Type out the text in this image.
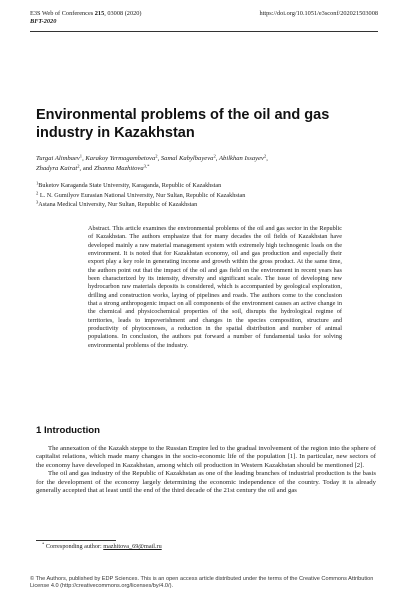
E3S Web of Conferences 215, 03008 (2020)	https://doi.org/10.1051/e3sconf/202021503008
BFT-2020
Environmental problems of the oil and gas industry in Kazakhstan
Turgai Alimbaev$^1$, Karakoy Yermagambetova$^2$, Samal Kabylbayeva$^2$, Abilkhan Issayev$^2$,
Zhadyra Kairat$^2$, and Zhanna Mazhitova$^{3,*}$
$^1$Buketov Karaganda State University, Karaganda, Republic of Kazakhstan
$^2$ L. N. Gumilyov Eurasian National University, Nur Sultan, Republic of Kazakhstan
$^3$Astana Medical University, Nur Sultan, Republic of Kazakhstan

Abstract. This article examines the environmental problems of the oil and gas sector in the Republic of Kazakhstan. The authors emphasize that for many decades the oil fields of Kazakhstan have developed mainly a raw material management system with extremely high technogenic loads on the environment. It is noted that for Kazakhstan economy, oil and gas production and especially their export play a key role in generating income and growth within the gross product. At the same time, the authors point out that the impact of the oil and gas field on the environment in recent years has been characterized by its intensity, diversity and significant scale. The issue of developing new hydrocarbon raw materials deposits is considered, which is accompanied by geological exploration, drilling and construction works, laying of pipelines and roads. The authors come to the conclusion that a strong anthropogenic impact on all components of the environment causes an active change in the chemical and physicochemical properties of the soil, disrupts the hydrological regime of territories, leads to impoverishment and changes in the species composition, structure and productivity of phytocenoses, a reduction in the spatial distribution and number of animal populations. In conclusion, the authors put forward a number of fundamental tasks for solving environmental problems of the industry.

1 Introduction

The annexation of the Kazakh steppe to the Russian Empire led to the gradual involvement of the region into the sphere of capitalist relations, which made many changes in the socio-economic life of the population [1]. In particular, new sectors of the economy have developed in Kazakhstan, among which oil production in Western Kazakhstan should be mentioned [2].

The oil and gas industry of the Republic of Kazakhstan as one of the leading branches of industrial production is the basis for the development of the economy largely determining the economic independence of the country. Today it is already generally accepted that at least until the end of the third decade of the 21st century the oil and gas

* Corresponding author: mazhitova_69@mail.ru
© The Authors, published by EDP Sciences. This is an open access article distributed under the terms of the Creative Commons Attribution License 4.0 (http://creativecommons.org/licenses/by/4.0/).
